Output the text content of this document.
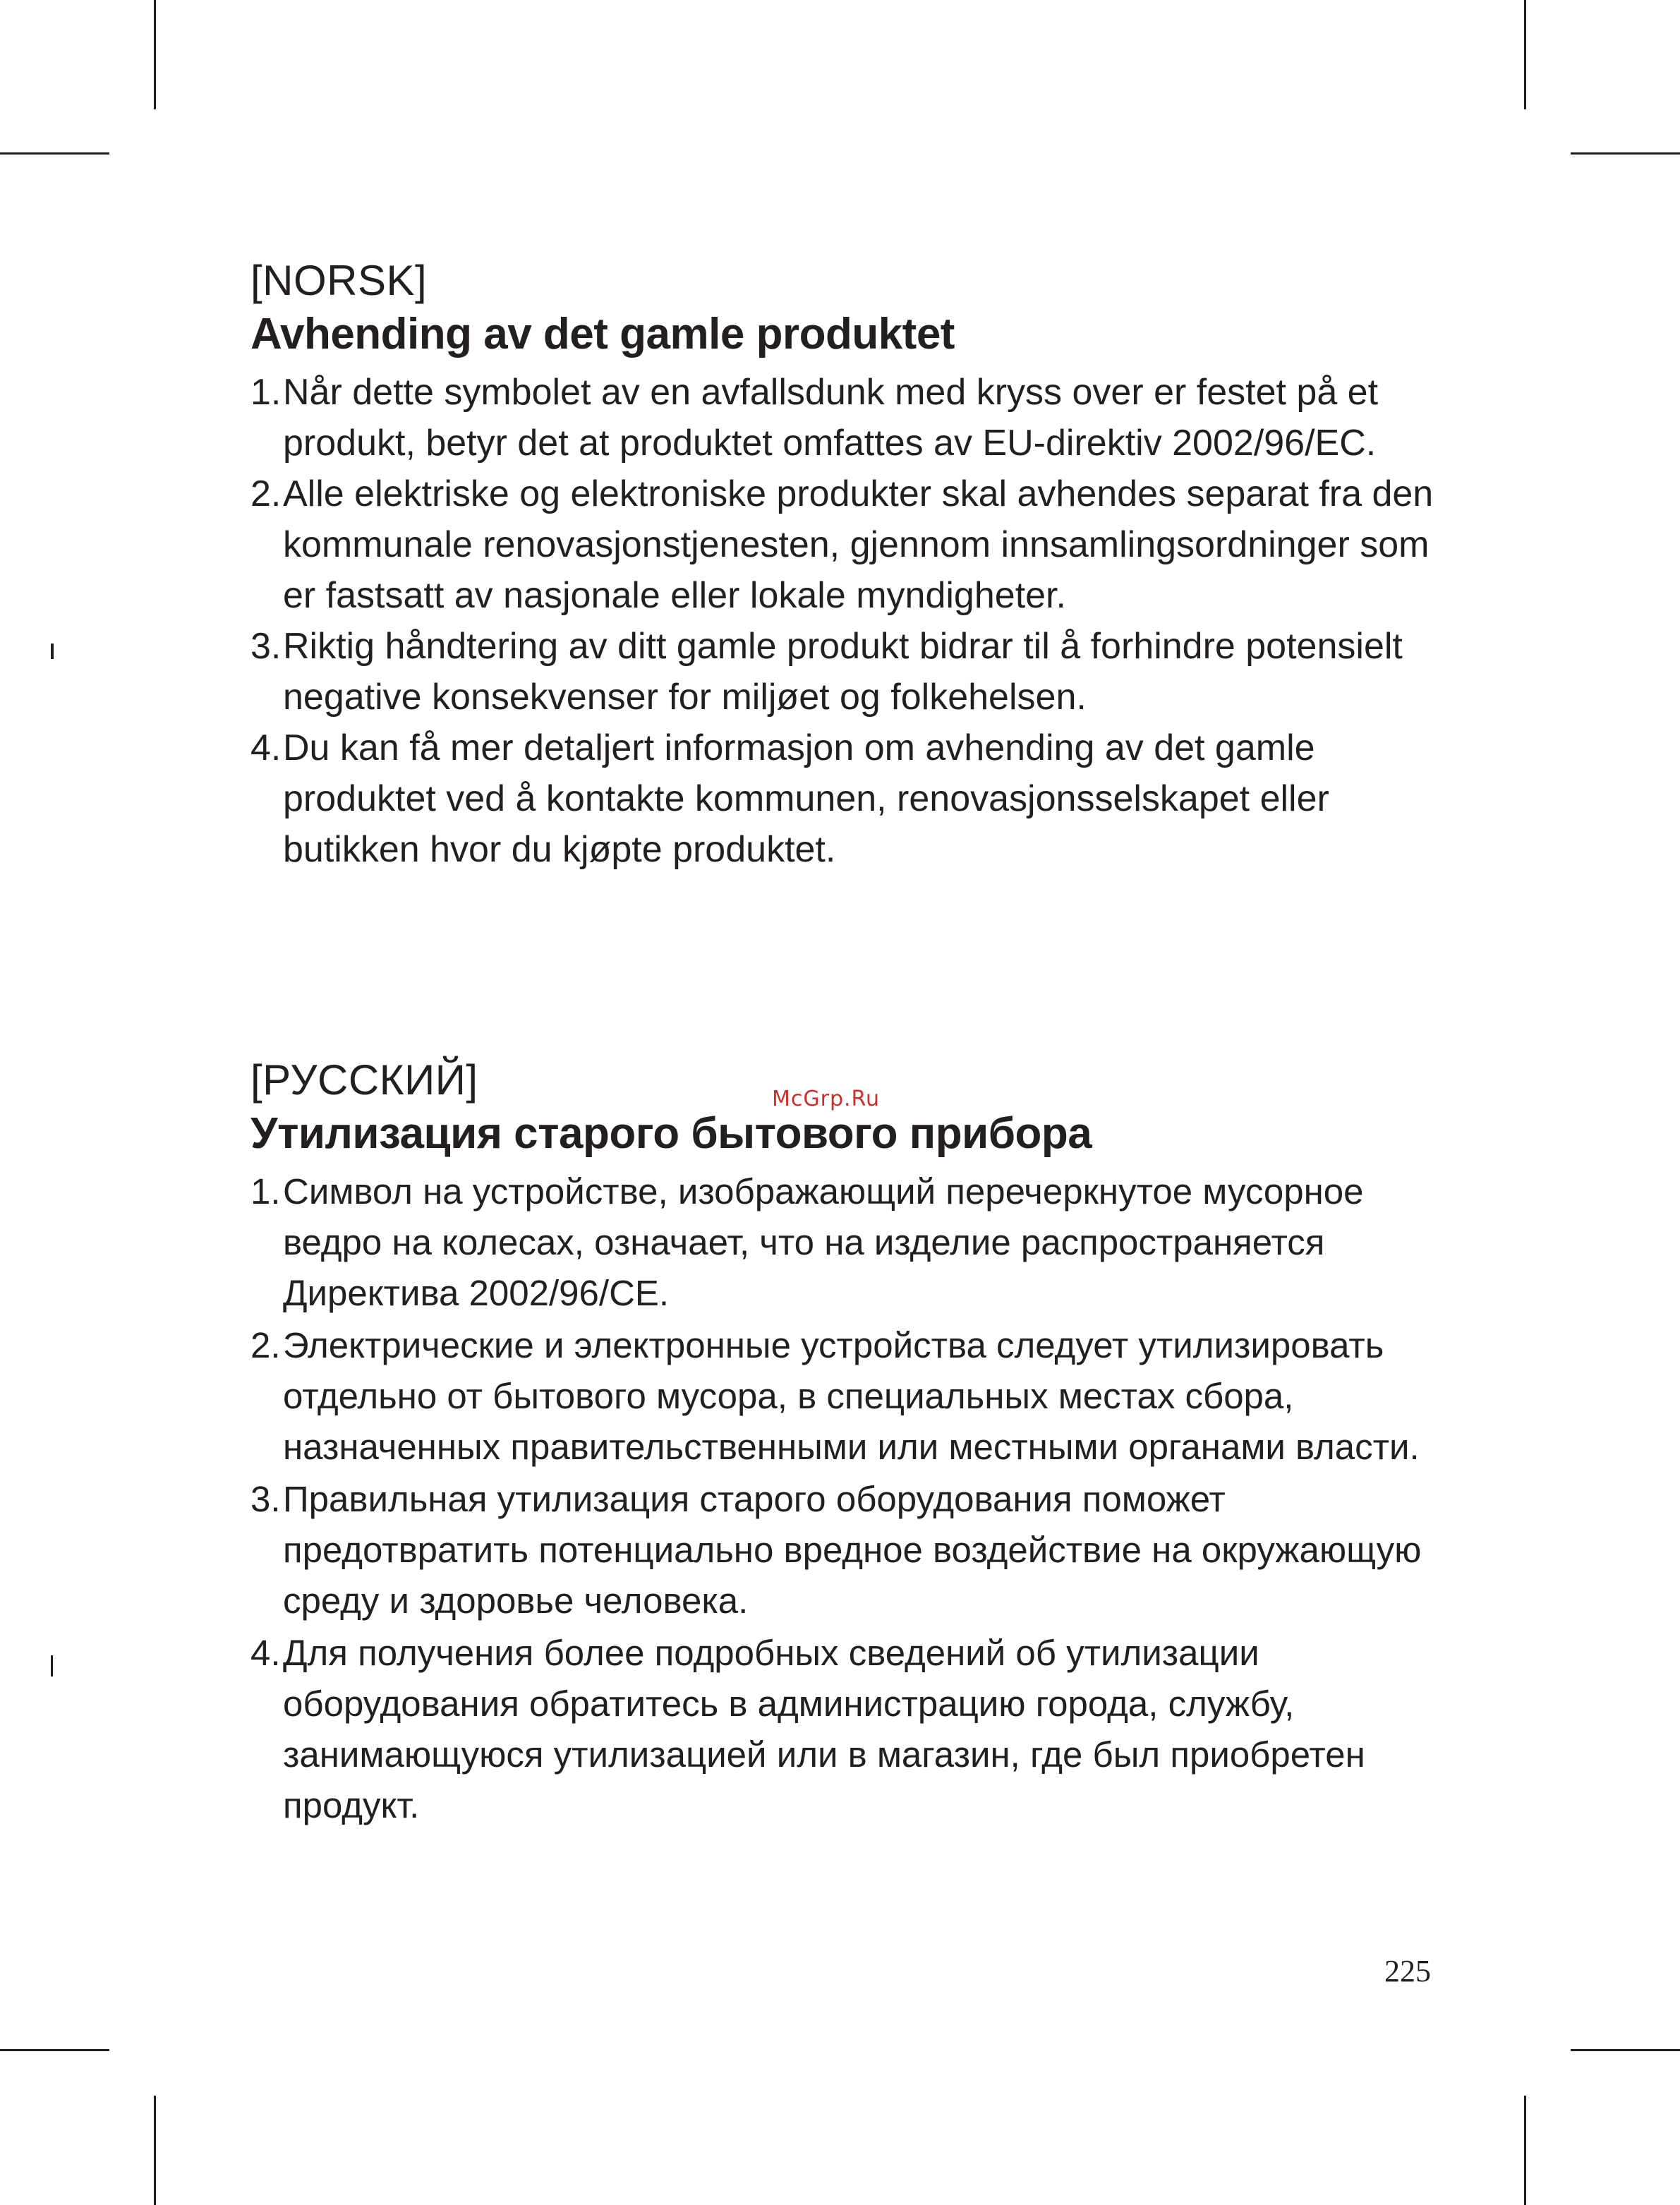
[NORSK]

Avhending av det gamle produktet
1. Når dette symbolet av en avfallsdunk med kryss over er festet på et produkt, betyr det at produktet omfattes av EU-direktiv 2002/96/EC.
2. Alle elektriske og elektroniske produkter skal avhendes separat fra den kommunale renovasjonstjenesten, gjennom innsamlingsordninger som er fastsatt av nasjonale eller lokale myndigheter.
3. Riktig håndtering av ditt gamle produkt bidrar til å forhindre potensielt negative konsekvenser for miljøet og folkehelsen.
4. Du kan få mer detaljert informasjon om avhending av det gamle produktet ved å kontakte kommunen, renovasjonsselskapet eller butikken hvor du kjøpte produktet.

[РУССКИЙ]

Утилизация старого бытового прибора
1. Символ на устройстве, изображающий перечеркнутое мусорное ведро на колесах, означает, что на изделие распространяется Директива 2002/96/CE.
2. Электрические и электронные устройства следует утилизировать отдельно от бытового мусора, в специальных местах сбора, назначенных правительственными или местными органами власти.
3. Правильная утилизация старого оборудования поможет предотвратить потенциально вредное воздействие на окружающую среду и здоровье человека.
4. Для получения более подробных сведений об утилизации оборудования обратитесь в администрацию города, службу, занимающуюся утилизацией или в магазин, где был приобретен продукт.
McGrp.Ru
225
